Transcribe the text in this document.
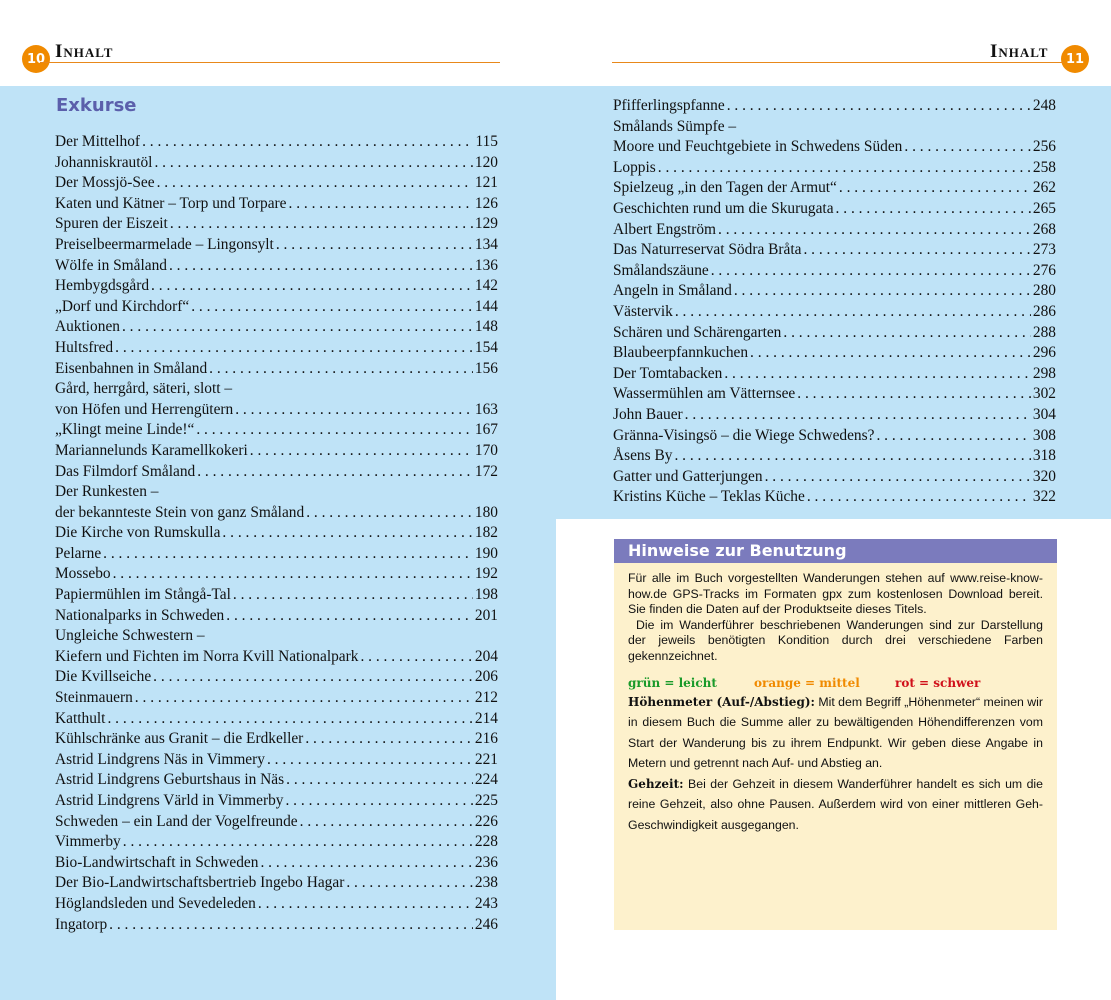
10 Inhalt	Inhalt	11
Exkurse
Der Mittelhof . . .	115
Johanniskrautöl . . .	120
Der Mossjö-See . . .	121
Katen und Kätner – Torp und Torpare . . .	126
Spuren der Eiszeit . . .	129
Preiselbeermarmelade – Lingonsylt . . .	134
Wölfe in Småland . . .	136
Hembygdsgård . . .	142
„Dorf und Kirchdorf“ . . .	144
Auktionen . . .	148
Hultsfred . . .	154
Eisenbahnen in Småland . . .	156
Gård, herrgård, säteri, slott –
von Höfen und Herrengütern . . .	163
„Klingt meine Linde!“ . . .	167
Mariannelunds Karamellkokeri . . .	170
Das Filmdorf Småland . . .	172
Der Runkesten –
der bekannteste Stein von ganz Småland . . .	180
Die Kirche von Rumskulla . . .	182
Pelarne . . .	190
Mossebo . . .	192
Papiermühlen im Stångå-Tal . . .	198
Nationalparks in Schweden . . .	201
Ungleiche Schwestern –
Kiefern und Fichten im Norra Kvill Nationalpark . . .	204
Die Kvillseiche . . .	206
Steinmauern . . .	212
Katthult . . .	214
Kühlschränke aus Granit – die Erdkeller . . .	216
Astrid Lindgrens Näs in Vimmery . . .	221
Astrid Lindgrens Geburtshaus in Näs . . .	224
Astrid Lindgrens Värld in Vimmerby . . .	225
Schweden – ein Land der Vogelfreunde . . .	226
Vimmerby . . .	228
Bio-Landwirtschaft in Schweden . . .	236
Der Bio-Landwirtschaftsbertrieb Ingebo Hagar . . .	238
Höglandsleden und Sevedeleden . . .	243
Ingatorp . . .	246
Pfifferlingspfanne . . .	248
Smålands Sümpfe –
Moore und Feuchtgebiete in Schwedens Süden . . .	256
Loppis . . .	258
Spielzeug „in den Tagen der Armut“ . . .	262
Geschichten rund um die Skurugata . . .	265
Albert Engström . . .	268
Das Naturreservat Södra Bråta . . .	273
Smålandszäune . . .	276
Angeln in Småland . . .	280
Västervik . . .	286
Schären und Schärengarten . . .	288
Blaubeerpfannkuchen . . .	296
Der Tomtabacken . . .	298
Wassermühlen am Vätternsee . . .	302
John Bauer . . .	304
Gränna-Visingsö – die Wiege Schwedens? . . .	308
Åsens By . . .	318
Gatter und Gatterjungen . . .	320
Kristins Küche – Teklas Küche . . .	322
Hinweise zur Benutzung

Für alle im Buch vorgestellten Wanderungen stehen auf www.reise-know-how.de GPS-Tracks im Formaten gpx zum kostenlosen Download bereit. Sie finden die Daten auf der Produktseite dieses Titels.

Die im Wanderführer beschriebenen Wanderungen sind zur Darstellung der jeweils benötigten Kondition durch drei verschiedene Farben gekennzeichnet.

grün = leicht	orange = mittel	rot = schwer

Höhenmeter (Auf-/Abstieg): Mit dem Begriff „Höhenmeter“ meinen wir in diesem Buch die Summe aller zu bewältigenden Höhendifferenzen vom Start der Wanderung bis zu ihrem Endpunkt. Wir geben diese Angabe in Metern und getrennt nach Auf- und Abstieg an.

Gehzeit: Bei der Gehzeit in diesem Wanderführer handelt es sich um die reine Gehzeit, also ohne Pausen. Außerdem wird von einer mittleren Geh-Geschwindigkeit ausgegangen.
